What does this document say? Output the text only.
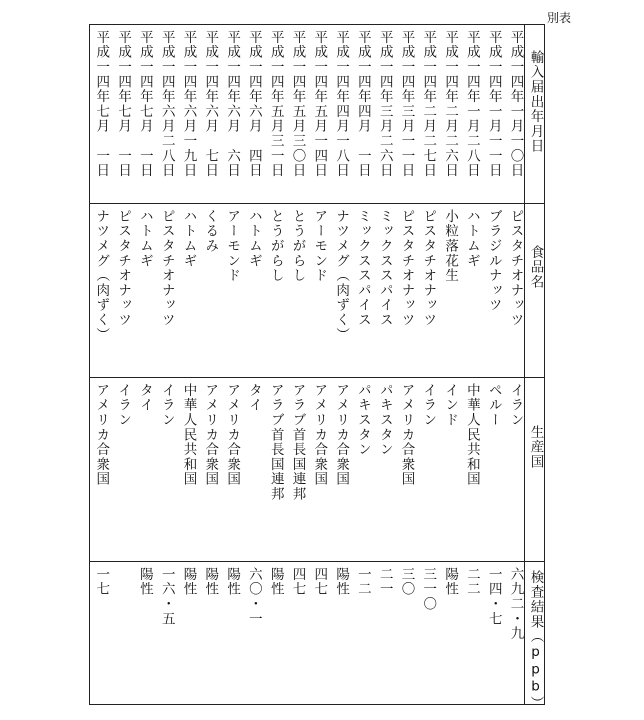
別表
輸入届出年月日
食品名
生産国
検査結果（ppb）
平成一四年一月一〇日
ピスタチオナッツ
イラン
六九二・九
平成一四年一月一一日
ブラジルナッツ
ペルー
一四・七
平成一四年一月二八日
ハトムギ
中華人民共和国
二二
平成一四年二月二六日
小粒落花生
インド
陽性
平成一四年二月二七日
ピスタチオナッツ
イラン
三一〇
平成一四年三月一一日
ピスタチオナッツ
アメリカ合衆国
三〇
平成一四年三月二六日
ミックススパイス
パキスタン
二一
平成一四年四月　一日
ミックススパイス
パキスタン
一二
平成一四年四月一八日
ナツメグ（肉ずく）
アメリカ合衆国
陽性
平成一四年五月一四日
アーモンド
アメリカ合衆国
四七
平成一四年五月三〇日
とうがらし
アラブ首長国連邦
四七
平成一四年五月三一日
とうがらし
アラブ首長国連邦
陽性
平成一四年六月　四日
ハトムギ
タイ
六〇・一
平成一四年六月　六日
アーモンド
アメリカ合衆国
陽性
平成一四年六月　七日
くるみ
アメリカ合衆国
陽性
平成一四年六月一九日
ハトムギ
中華人民共和国
陽性
平成一四年六月二八日
ピスタチオナッツ
イラン
一六・五
平成一四年七月　一日
ハトムギ
タイ
陽性
平成一四年七月　一日
ピスタチオナッツ
イラン
平成一四年七月　一日
ナツメグ（肉ずく）
アメリカ合衆国
一七
